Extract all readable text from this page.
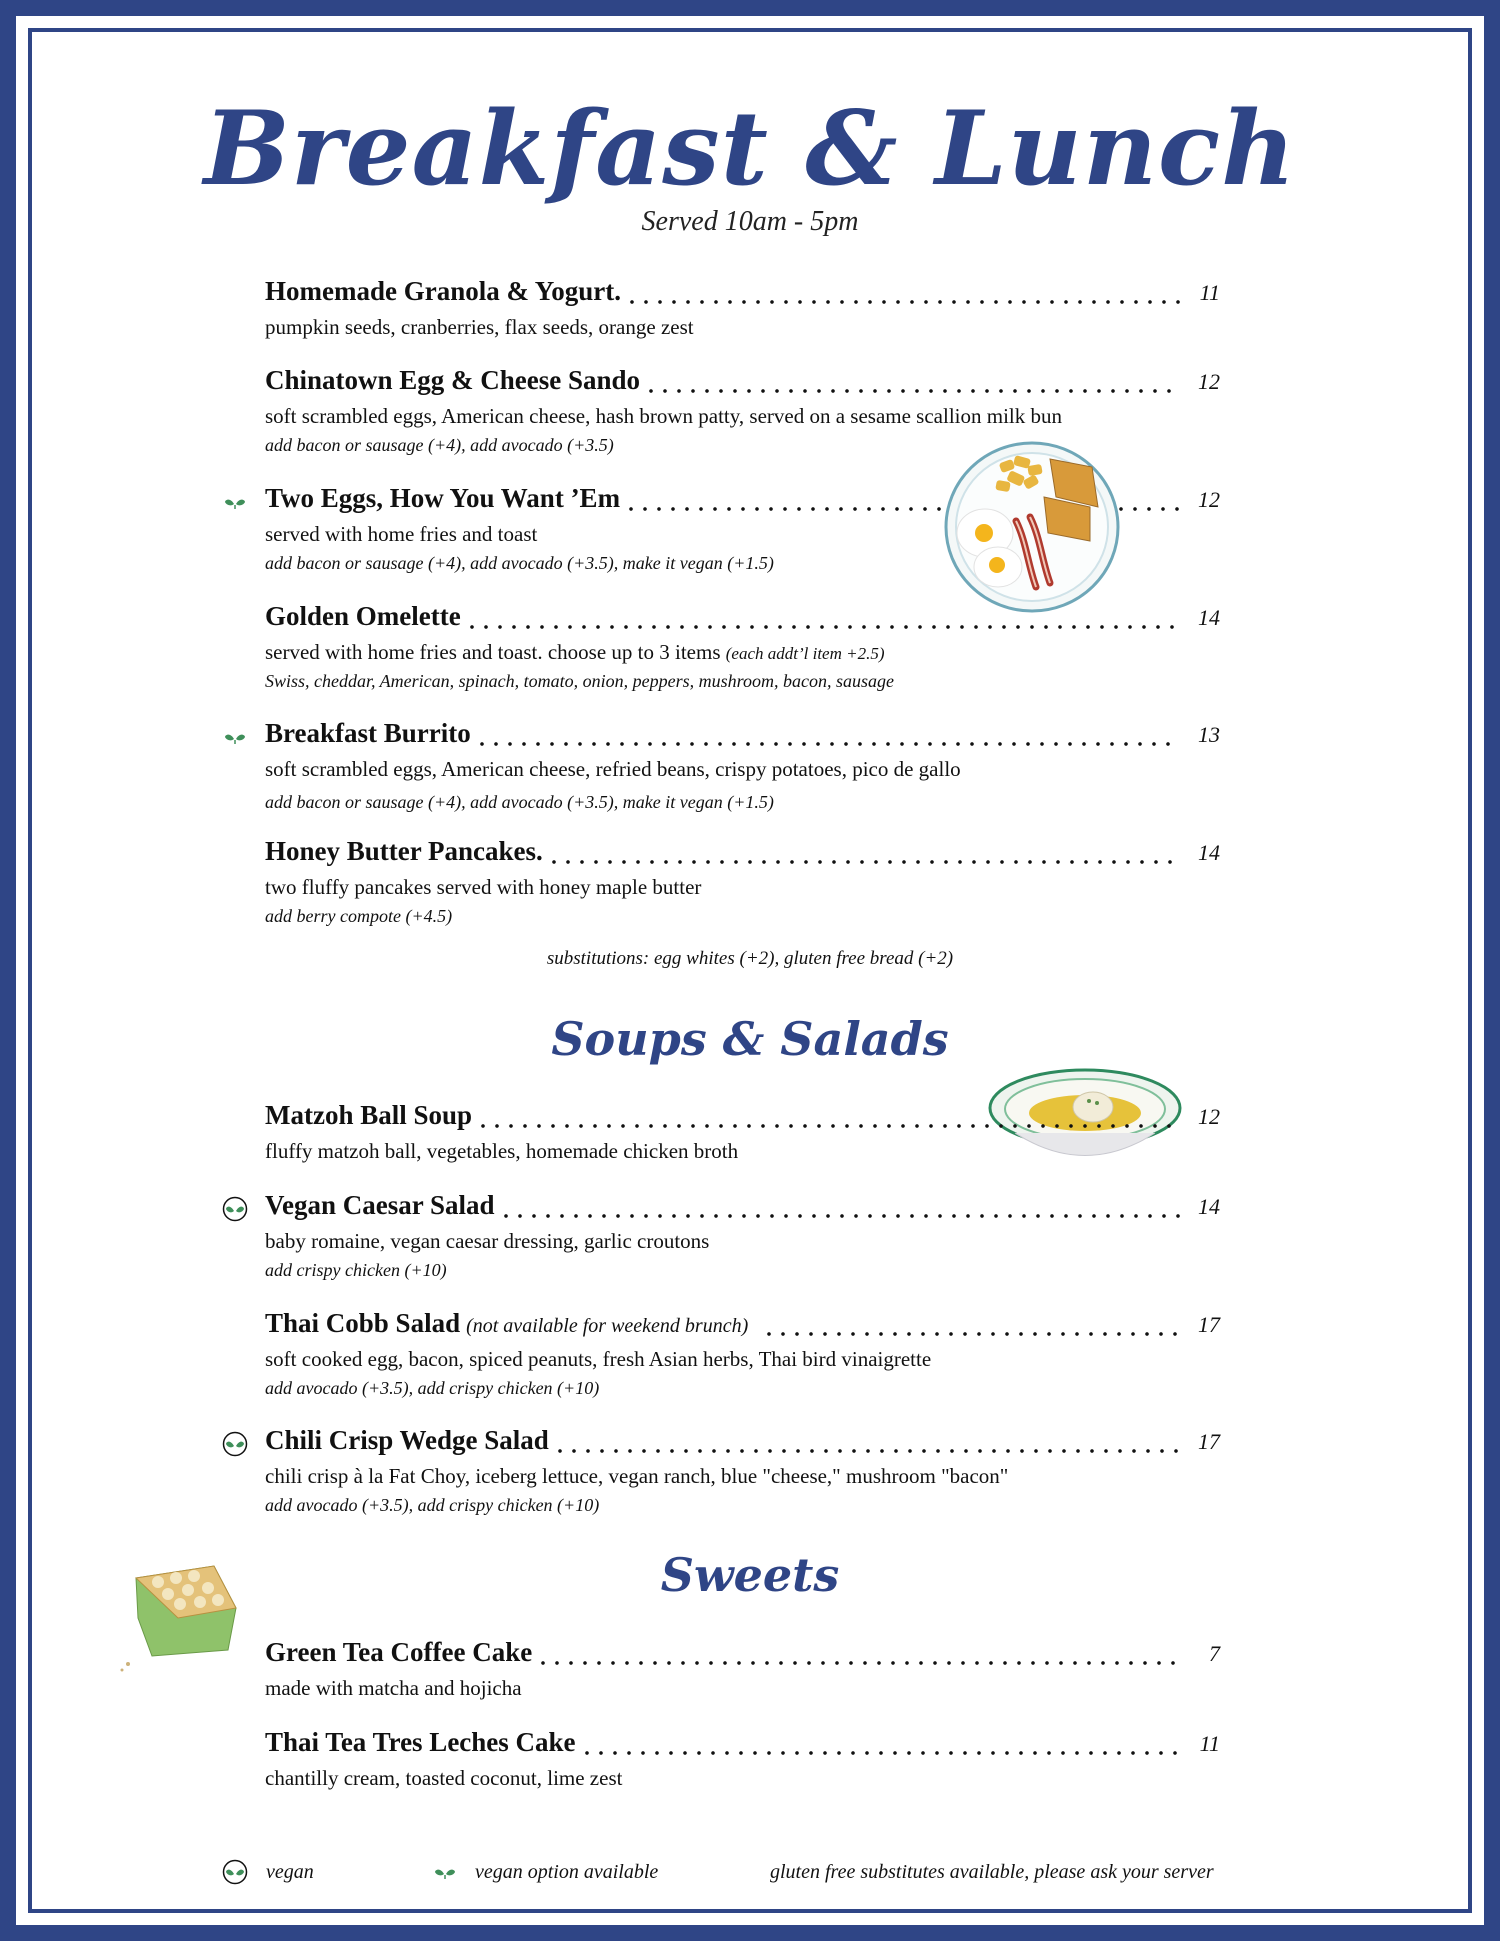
Breakfast & Lunch
Served 10am - 5pm
Homemade Granola & Yogurt.	11
pumpkin seeds, cranberries, flax seeds, orange zest
Chinatown Egg & Cheese Sando	12
soft scrambled eggs, American cheese, hash brown patty, served on a sesame scallion milk bun
add bacon or sausage (+4), add avocado (+3.5)
Two Eggs, How You Want ’Em	12
served with home fries and toast
add bacon or sausage (+4), add avocado (+3.5), make it vegan (+1.5)
Golden Omelette	14
served with home fries and toast. choose up to 3 items (each addt’l item +2.5)
Swiss, cheddar, American, spinach, tomato, onion, peppers, mushroom, bacon, sausage
Breakfast Burrito	13
soft scrambled eggs, American cheese, refried beans, crispy potatoes, pico de gallo
add bacon or sausage (+4), add avocado (+3.5), make it vegan (+1.5)
Honey Butter Pancakes.	14
two fluffy pancakes served with honey maple butter
add berry compote (+4.5)
substitutions: egg whites (+2), gluten free bread (+2)
Soups & Salads
Matzoh Ball Soup	12
fluffy matzoh ball, vegetables, homemade chicken broth
Vegan Caesar Salad	14
baby romaine, vegan caesar dressing, garlic croutons
add crispy chicken (+10)
Thai Cobb Salad (not available for weekend brunch)	17
soft cooked egg, bacon, spiced peanuts, fresh Asian herbs, Thai bird vinaigrette
add avocado (+3.5), add crispy chicken (+10)
Chili Crisp Wedge Salad	17
chili crisp à la Fat Choy, iceberg lettuce, vegan ranch, blue "cheese," mushroom "bacon"
add avocado (+3.5), add crispy chicken (+10)
Sweets
Green Tea Coffee Cake	7
made with matcha and hojicha
Thai Tea Tres Leches Cake	11
chantilly cream, toasted coconut, lime zest
vegan	vegan option available	gluten free substitutes available, please ask your server
